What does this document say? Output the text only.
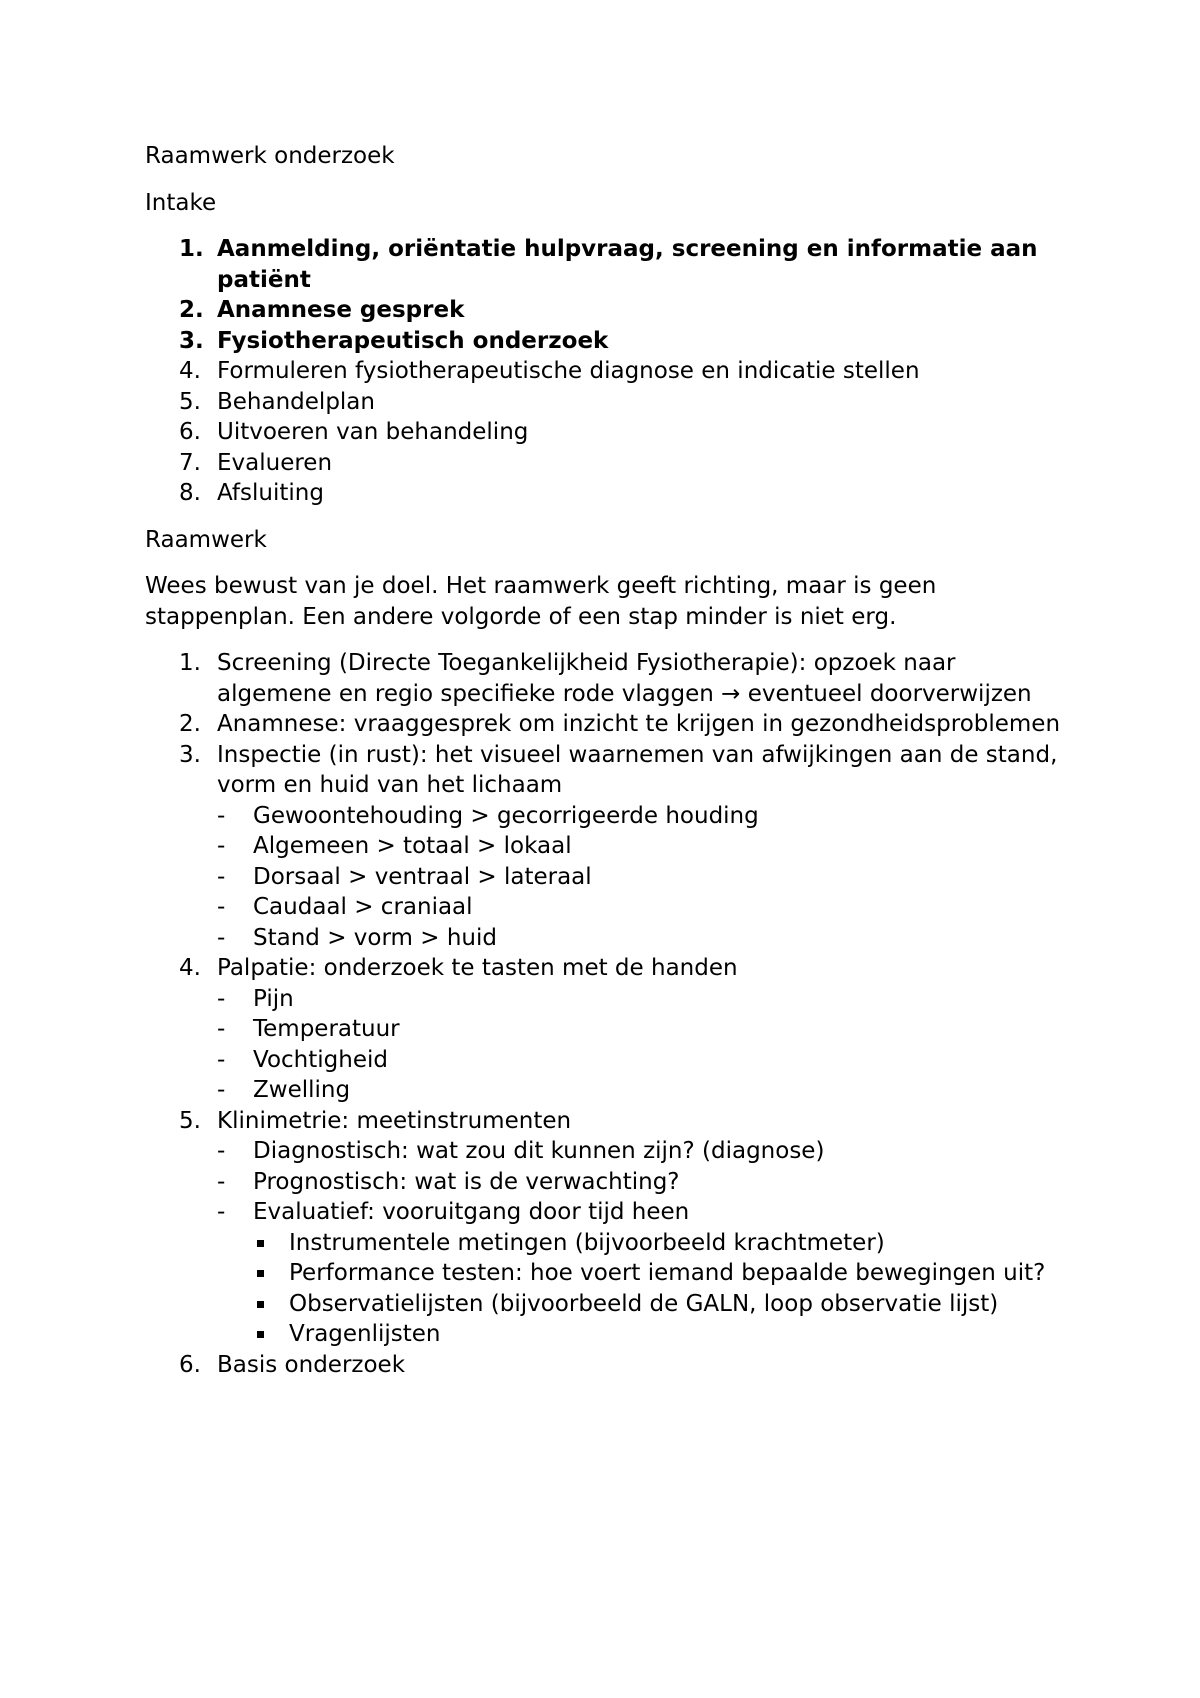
Raamwerk onderzoek

Intake

1. Aanmelding, oriëntatie hulpvraag, screening en informatie aan patiënt
2. Anamnese gesprek
3. Fysiotherapeutisch onderzoek
4. Formuleren fysiotherapeutische diagnose en indicatie stellen
5. Behandelplan
6. Uitvoeren van behandeling
7. Evalueren
8. Afsluiting

Raamwerk

Wees bewust van je doel. Het raamwerk geeft richting, maar is geen stappenplan. Een andere volgorde of een stap minder is niet erg.

1. Screening (Directe Toegankelijkheid Fysiotherapie): opzoek naar algemene en regio specifieke rode vlaggen → eventueel doorverwijzen
2. Anamnese: vraaggesprek om inzicht te krijgen in gezondheidsproblemen
3. Inspectie (in rust): het visueel waarnemen van afwijkingen aan de stand, vorm en huid van het lichaam
- Gewoontehouding > gecorrigeerde houding
- Algemeen > totaal > lokaal
- Dorsaal > ventraal > lateraal
- Caudaal > craniaal
- Stand > vorm > huid
4. Palpatie: onderzoek te tasten met de handen
- Pijn
- Temperatuur
- Vochtigheid
- Zwelling
5. Klinimetrie: meetinstrumenten
- Diagnostisch: wat zou dit kunnen zijn? (diagnose)
- Prognostisch: wat is de verwachting?
- Evaluatief: vooruitgang door tijd heen
Instrumentele metingen (bijvoorbeeld krachtmeter)
Performance testen: hoe voert iemand bepaalde bewegingen uit?
Observatielijsten (bijvoorbeeld de GALN, loop observatie lijst)
Vragenlijsten
6. Basis onderzoek
